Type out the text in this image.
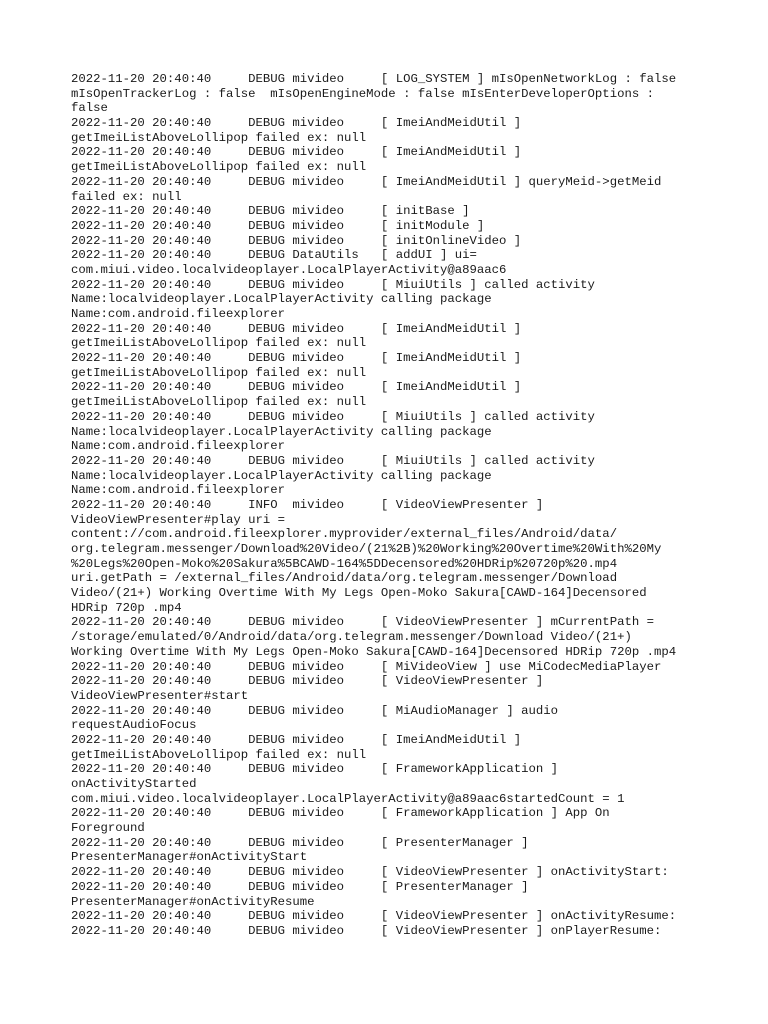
2022-11-20 20:40:40     DEBUG mivideo     [ LOG_SYSTEM ] mIsOpenNetworkLog : false
mIsOpenTrackerLog : false  mIsOpenEngineMode : false mIsEnterDeveloperOptions :
false
2022-11-20 20:40:40     DEBUG mivideo     [ ImeiAndMeidUtil ]
getImeiListAboveLollipop failed ex: null
2022-11-20 20:40:40     DEBUG mivideo     [ ImeiAndMeidUtil ]
getImeiListAboveLollipop failed ex: null
2022-11-20 20:40:40     DEBUG mivideo     [ ImeiAndMeidUtil ] queryMeid->getMeid
failed ex: null
2022-11-20 20:40:40     DEBUG mivideo     [ initBase ]
2022-11-20 20:40:40     DEBUG mivideo     [ initModule ]
2022-11-20 20:40:40     DEBUG mivideo     [ initOnlineVideo ]
2022-11-20 20:40:40     DEBUG DataUtils   [ addUI ] ui=
com.miui.video.localvideoplayer.LocalPlayerActivity@a89aac6
2022-11-20 20:40:40     DEBUG mivideo     [ MiuiUtils ] called activity
Name:localvideoplayer.LocalPlayerActivity calling package
Name:com.android.fileexplorer
2022-11-20 20:40:40     DEBUG mivideo     [ ImeiAndMeidUtil ]
getImeiListAboveLollipop failed ex: null
2022-11-20 20:40:40     DEBUG mivideo     [ ImeiAndMeidUtil ]
getImeiListAboveLollipop failed ex: null
2022-11-20 20:40:40     DEBUG mivideo     [ ImeiAndMeidUtil ]
getImeiListAboveLollipop failed ex: null
2022-11-20 20:40:40     DEBUG mivideo     [ MiuiUtils ] called activity
Name:localvideoplayer.LocalPlayerActivity calling package
Name:com.android.fileexplorer
2022-11-20 20:40:40     DEBUG mivideo     [ MiuiUtils ] called activity
Name:localvideoplayer.LocalPlayerActivity calling package
Name:com.android.fileexplorer
2022-11-20 20:40:40     INFO  mivideo     [ VideoViewPresenter ]
VideoViewPresenter#play uri =
content://com.android.fileexplorer.myprovider/external_files/Android/data/
org.telegram.messenger/Download%20Video/(21%2B)%20Working%20Overtime%20With%20My
%20Legs%20Open-Moko%20Sakura%5BCAWD-164%5DDecensored%20HDRip%20720p%20.mp4
uri.getPath = /external_files/Android/data/org.telegram.messenger/Download
Video/(21+) Working Overtime With My Legs Open-Moko Sakura[CAWD-164]Decensored
HDRip 720p .mp4
2022-11-20 20:40:40     DEBUG mivideo     [ VideoViewPresenter ] mCurrentPath =
/storage/emulated/0/Android/data/org.telegram.messenger/Download Video/(21+)
Working Overtime With My Legs Open-Moko Sakura[CAWD-164]Decensored HDRip 720p .mp4
2022-11-20 20:40:40     DEBUG mivideo     [ MiVideoView ] use MiCodecMediaPlayer
2022-11-20 20:40:40     DEBUG mivideo     [ VideoViewPresenter ]
VideoViewPresenter#start
2022-11-20 20:40:40     DEBUG mivideo     [ MiAudioManager ] audio
requestAudioFocus
2022-11-20 20:40:40     DEBUG mivideo     [ ImeiAndMeidUtil ]
getImeiListAboveLollipop failed ex: null
2022-11-20 20:40:40     DEBUG mivideo     [ FrameworkApplication ]
onActivityStarted
com.miui.video.localvideoplayer.LocalPlayerActivity@a89aac6startedCount = 1
2022-11-20 20:40:40     DEBUG mivideo     [ FrameworkApplication ] App On
Foreground
2022-11-20 20:40:40     DEBUG mivideo     [ PresenterManager ]
PresenterManager#onActivityStart
2022-11-20 20:40:40     DEBUG mivideo     [ VideoViewPresenter ] onActivityStart:
2022-11-20 20:40:40     DEBUG mivideo     [ PresenterManager ]
PresenterManager#onActivityResume
2022-11-20 20:40:40     DEBUG mivideo     [ VideoViewPresenter ] onActivityResume:
2022-11-20 20:40:40     DEBUG mivideo     [ VideoViewPresenter ] onPlayerResume:
